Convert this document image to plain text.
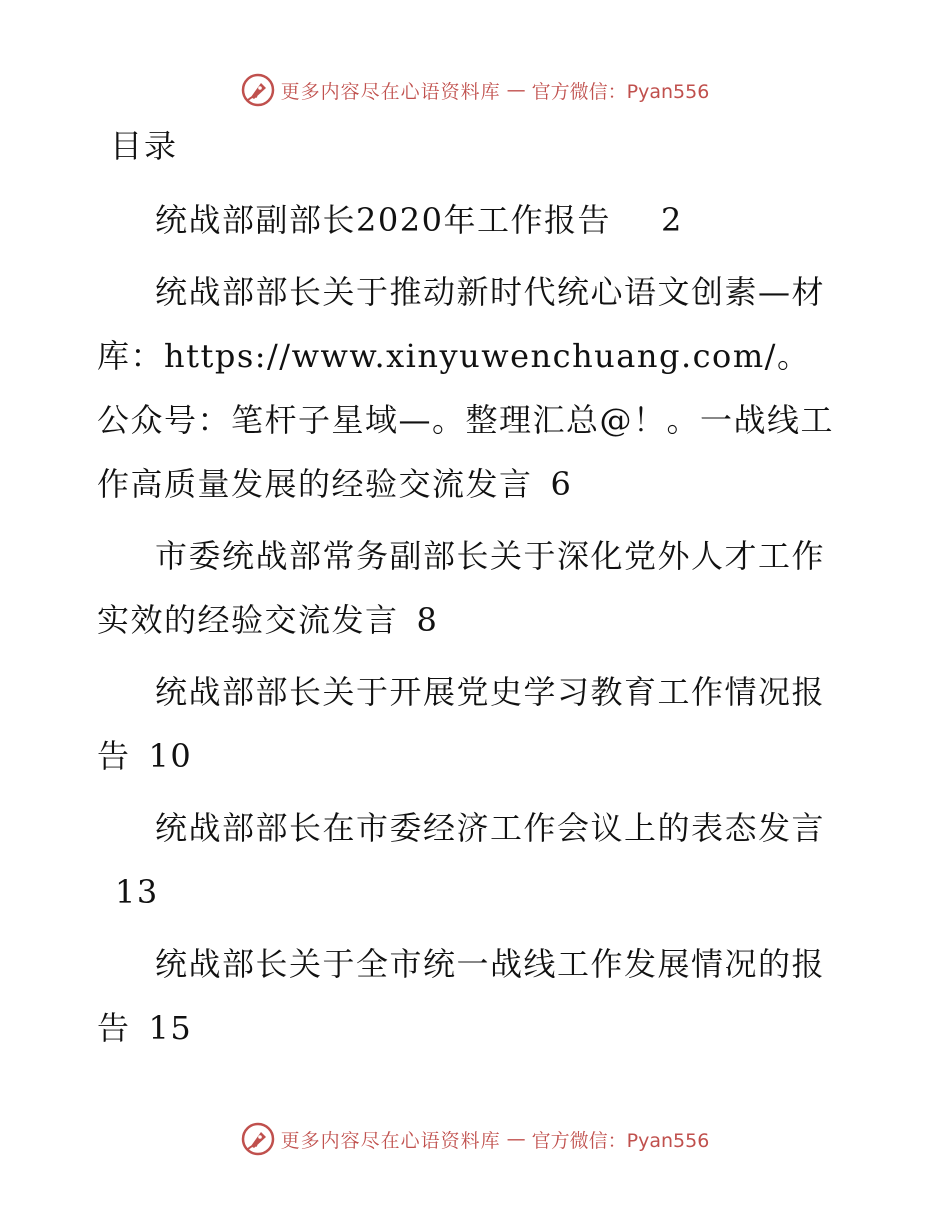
更多内容尽在心语资料库 — 官方微信：Pyan556
目录
统战部副部长2020年工作报告 2
统战部部长关于推动新时代统心语文创素—材库：https://www.xinyuwenchuang.com/。公众号：笔杆子星域—。整理汇总@！。一战线工作高质量发展的经验交流发言 6
市委统战部常务副部长关于深化党外人才工作实效的经验交流发言 8
统战部部长关于开展党史学习教育工作情况报告 10
统战部部长在市委经济工作会议上的表态发言13
统战部长关于全市统一战线工作发展情况的报告 15
更多内容尽在心语资料库 — 官方微信：Pyan556
